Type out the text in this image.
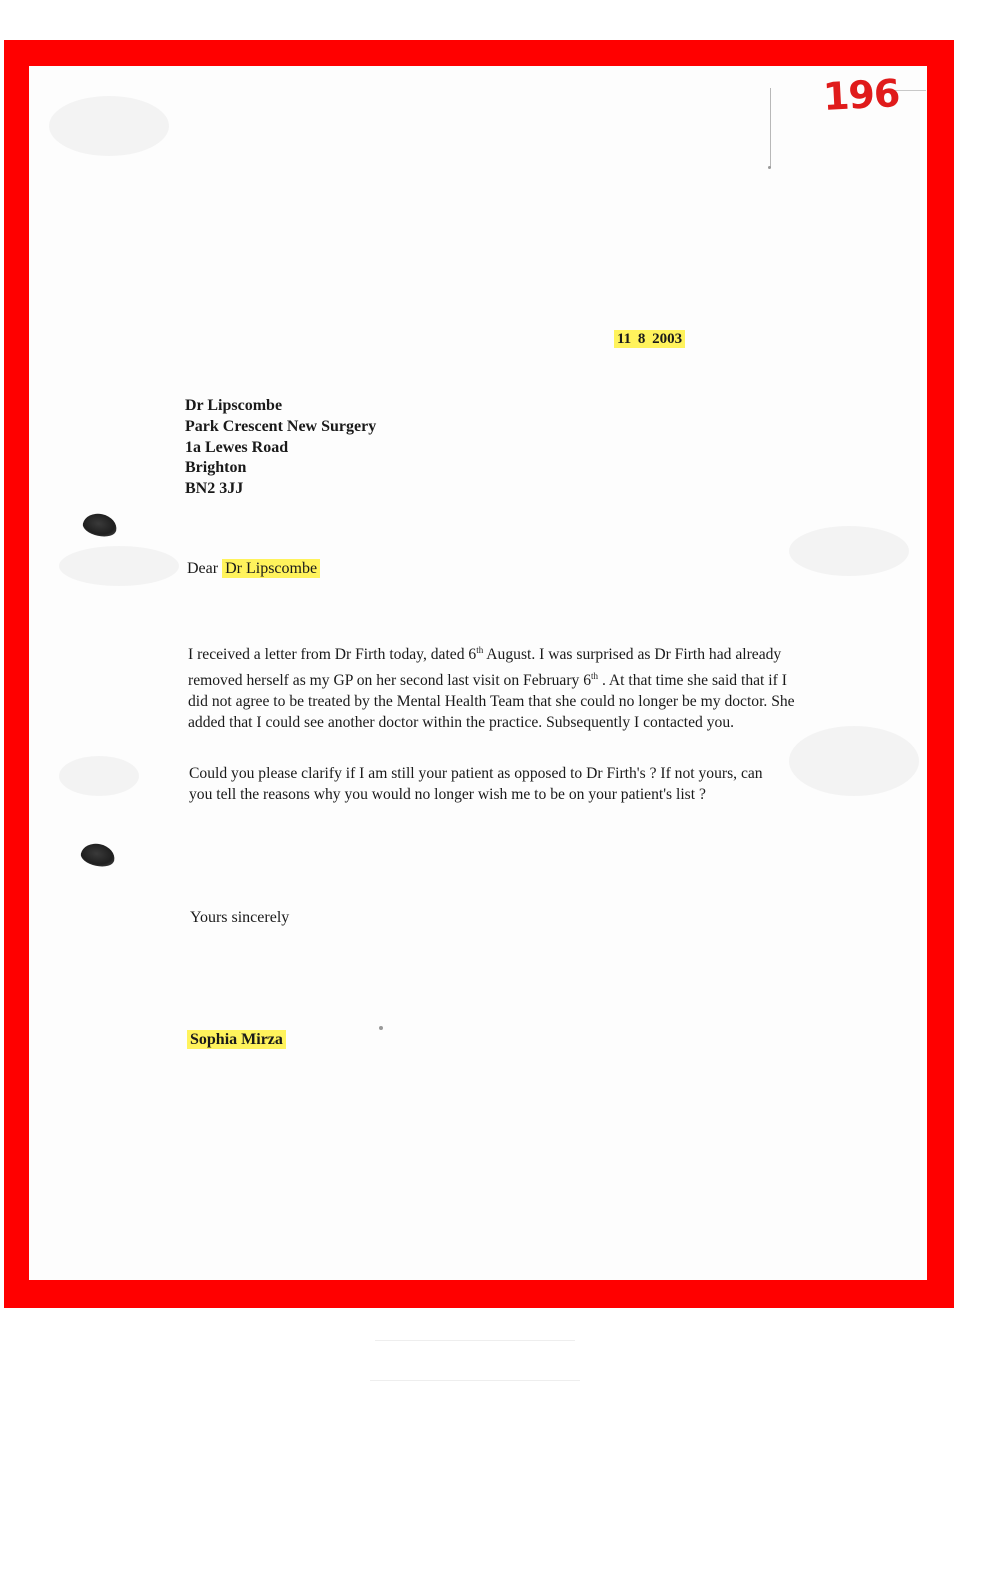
196
11 8 2003
Dr Lipscombe
Park Crescent New Surgery
1a Lewes Road
Brighton
BN2 3JJ
Dear Dr Lipscombe
I received a letter from Dr Firth today, dated 6th August. I was surprised as Dr Firth had already removed herself as my GP on her second last visit on February 6th . At that time she said that if I did not agree to be treated by the Mental Health Team that she could no longer be my doctor. She added that I could see another doctor within the practice. Subsequently I contacted you.
Could you please clarify if I am still your patient as opposed to Dr Firth's ? If not yours, can you tell the reasons why you would no longer wish me to be on your patient's list ?
Yours sincerely
Sophia Mirza
